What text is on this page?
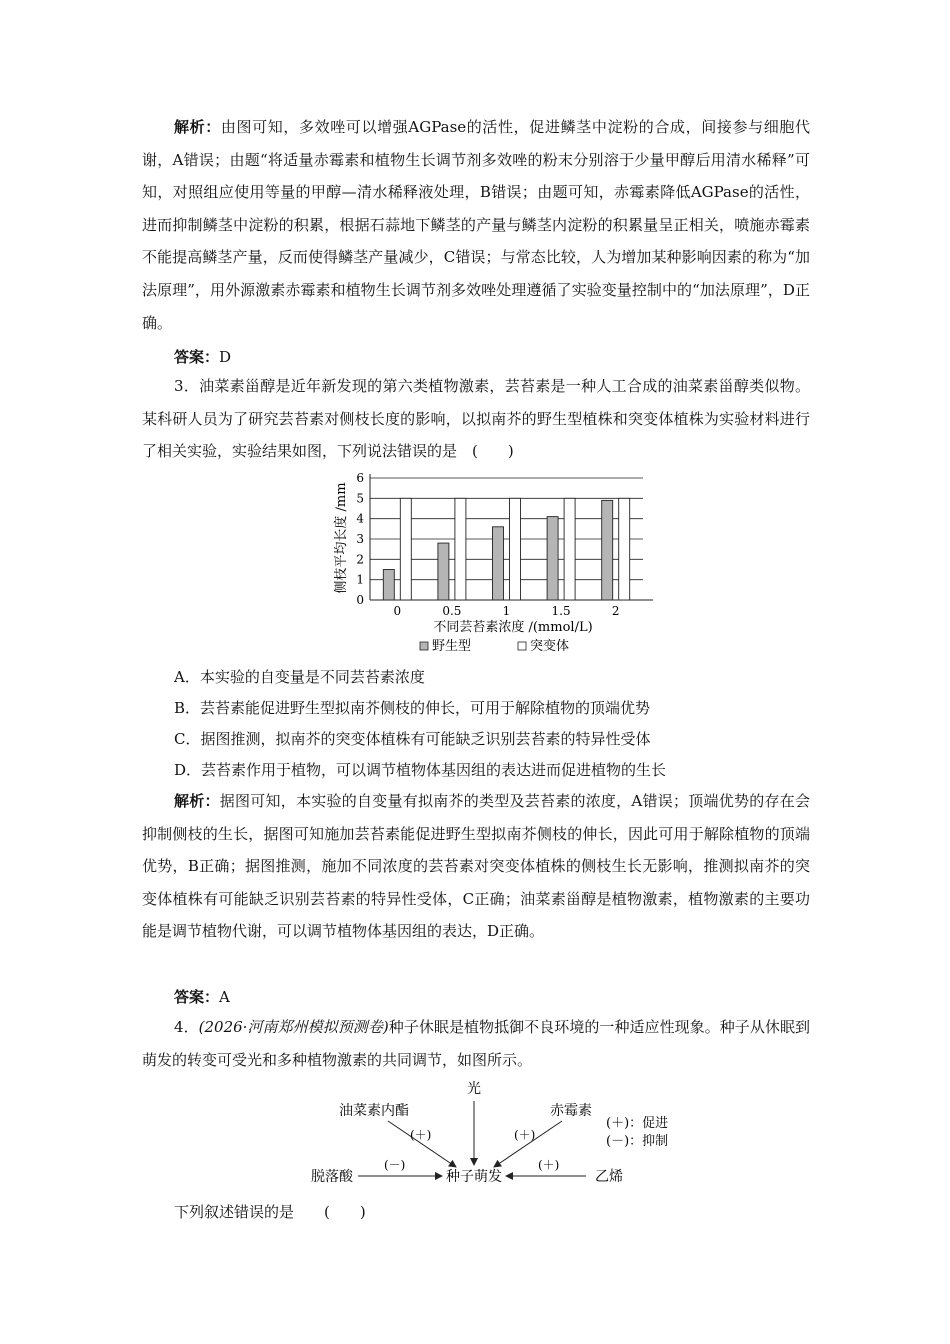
解析：由图可知，多效唑可以增强AGPase的活性，促进鳞茎中淀粉的合成，间接参与细胞代谢，A错误；由题“将适量赤霉素和植物生长调节剂多效唑的粉末分别溶于少量甲醇后用清水稀释”可知，对照组应使用等量的甲醇—清水稀释液处理，B错误；由题可知，赤霉素降低AGPase的活性，进而抑制鳞茎中淀粉的积累，根据石蒜地下鳞茎的产量与鳞茎内淀粉的积累量呈正相关，喷施赤霉素不能提高鳞茎产量，反而使得鳞茎产量减少，C错误；与常态比较，人为增加某种影响因素的称为“加法原理”，用外源激素赤霉素和植物生长调节剂多效唑处理遵循了实验变量控制中的“加法原理”，D正确。
答案：D
3．油菜素甾醇是近年新发现的第六类植物激素，芸苔素是一种人工合成的油菜素甾醇类似物。某科研人员为了研究芸苔素对侧枝长度的影响，以拟南芥的野生型植株和突变体植株为实验材料进行了相关实验，实验结果如图，下列说法错误的是　(　　)
0
1
2
3
4
5
6
0	0.5	1	1.5	2
侧枝平均长度 /mm
不同芸苔素浓度 /(mmol/L)
野生型	突变体
A．本实验的自变量是不同芸苔素浓度
B．芸苔素能促进野生型拟南芥侧枝的伸长，可用于解除植物的顶端优势
C．据图推测，拟南芥的突变体植株有可能缺乏识别芸苔素的特异性受体
D．芸苔素作用于植物，可以调节植物体基因组的表达进而促进植物的生长
解析：据图可知，本实验的自变量有拟南芥的类型及芸苔素的浓度，A错误；顶端优势的存在会抑制侧枝的生长，据图可知施加芸苔素能促进野生型拟南芥侧枝的伸长，因此可用于解除植物的顶端优势，B正确；据图推测，施加不同浓度的芸苔素对突变体植株的侧枝生长无影响，推测拟南芥的突变体植株有可能缺乏识别芸苔素的特异性受体，C正确；油菜素甾醇是植物激素，植物激素的主要功能是调节植物代谢，可以调节植物体基因组的表达，D正确。
答案：A
4．(2026·河南郑州模拟预测卷)种子休眠是植物抵御不良环境的一种适应性现象。种子从休眠到萌发的转变可受光和多种植物激素的共同调节，如图所示。
光
油菜素内酯	赤霉素
脱落酸	种子萌发	乙烯
(＋)	(＋)
(－)	(＋)
(＋)：促进
(－)：抑制
下列叙述错误的是　　(　　)
